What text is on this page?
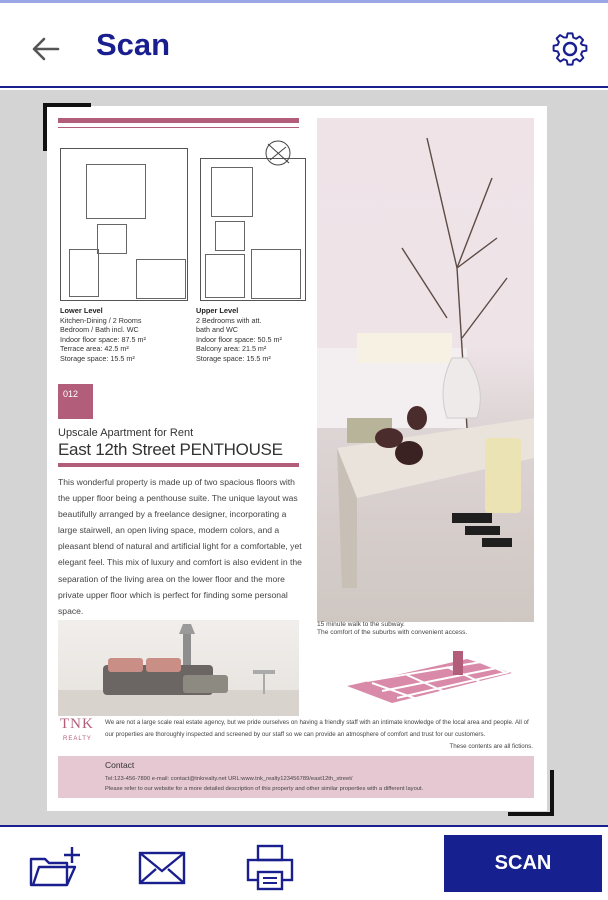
Scan
Lower Level
Kitchen-Dining / 2 Rooms
Bedroom / Bath incl. WC
Indoor floor space: 87.5 m²
Terrace area: 42.5 m²
Storage space: 15.5 m²
Upper Level
2 Bedrooms with att.
bath and WC
Indoor floor space: 50.5 m²
Balcony area: 21.5 m²
Storage space: 15.5 m²
012
Upscale Apartment for Rent
East 12th Street PENTHOUSE
This wonderful property is made up of two spacious floors with the upper floor being a penthouse suite. The unique layout was beautifully arranged by a freelance designer, incorporating a large stairwell, an open living space, modern colors, and a pleasant blend of natural and artificial light for a comfortable, yet elegant feel. This mix of luxury and comfort is also evident in the separation of the living area on the lower floor and the more private upper floor which is perfect for finding some personal space.
15 minute walk to the subway.
The comfort of the suburbs with convenient access.
TNK
REALTY
We are not a large scale real estate agency, but we pride ourselves on having a friendly staff with an intimate knowledge of the local area and people. All of our properties are thoroughly inspected and screened by our staff so we can provide an atmosphere of comfort and trust for our customers.
These contents are all fictions.
Contact
Tel:123-456-7890 e-mail: contact@tnkrealty.net URL:www.tnk_realty123456789/east12th_street/
Please refer to our website for a more detailed description of this property and other similar properties with a different layout.
SCAN
